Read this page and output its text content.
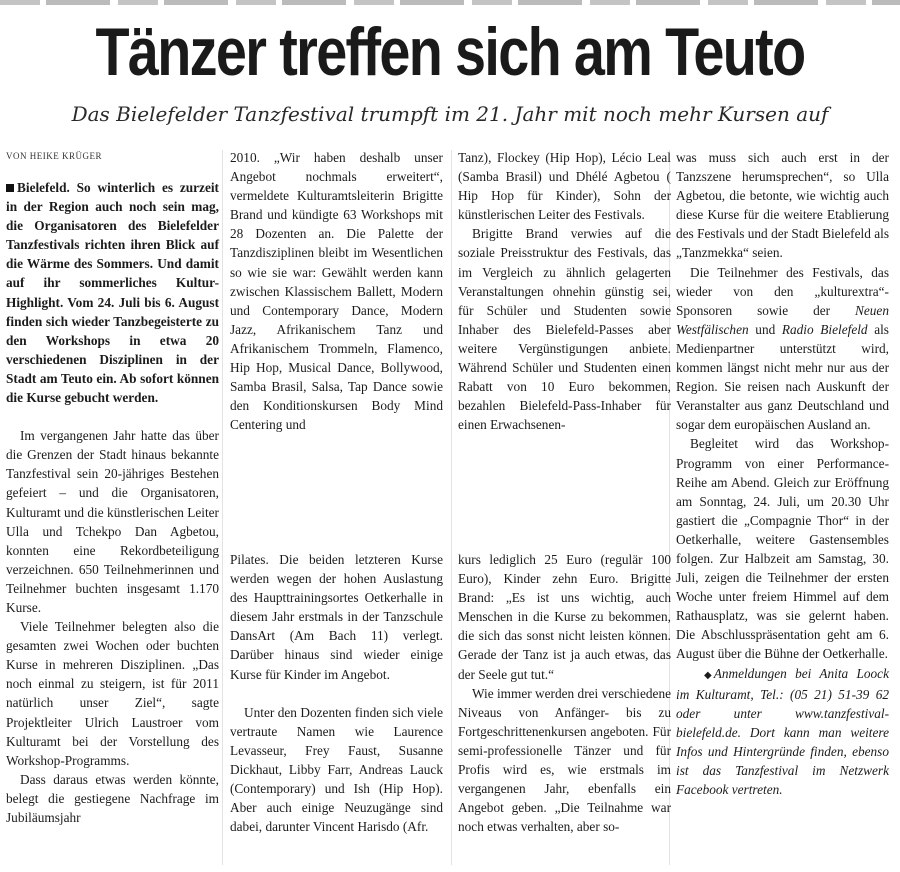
Tänzer treffen sich am Teuto

Das Bielefelder Tanzfestival trumpft im 21. Jahr mit noch mehr Kursen auf

VON HEIKE KRÜGER

Bielefeld. So winterlich es zurzeit in der Region auch noch sein mag, die Organisatoren des Bielefelder Tanzfestivals richten ihren Blick auf die Wärme des Sommers. Und damit auf ihr sommerliches Kultur-Highlight. Vom 24. Juli bis 6. August finden sich wieder Tanzbegeisterte zu den Workshops in etwa 20 verschiedenen Disziplinen in der Stadt am Teuto ein. Ab sofort können die Kurse gebucht werden.

Im vergangenen Jahr hatte das über die Grenzen der Stadt hinaus bekannte Tanzfestival sein 20-jähriges Bestehen gefeiert – und die Organisatoren, Kulturamt und die künstlerischen Leiter Ulla und Tchekpo Dan Agbetou, konnten eine Rekordbeteiligung verzeichnen. 650 Teilnehmerinnen und Teilnehmer buchten insgesamt 1.170 Kurse.

Viele Teilnehmer belegten also die gesamten zwei Wochen oder buchten Kurse in mehreren Disziplinen. „Das noch einmal zu steigern, ist für 2011 natürlich unser Ziel“, sagte Projektleiter Ulrich Laustroer vom Kulturamt bei der Vorstellung des Workshop-Programms.

Dass daraus etwas werden könnte, belegt die gestiegene Nachfrage im Jubiläumsjahr

2010. „Wir haben deshalb unser Angebot nochmals erweitert“, vermeldete Kulturamtsleiterin Brigitte Brand und kündigte 63 Workshops mit 28 Dozenten an. Die Palette der Tanzdisziplinen bleibt im Wesentlichen so wie sie war: Gewählt werden kann zwischen Klassischem Ballett, Modern und Contemporary Dance, Modern Jazz, Afrikanischem Tanz und Afrikanischem Trommeln, Flamenco, Hip Hop, Musical Dance, Bollywood, Samba Brasil, Salsa, Tap Dance sowie den Konditionskursen Body Mind Centering und

Pilates. Die beiden letzteren Kurse werden wegen der hohen Auslastung des Haupttrainingsortes Oetkerhalle in diesem Jahr erstmals in der Tanzschule DansArt (Am Bach 11) verlegt. Darüber hinaus sind wieder einige Kurse für Kinder im Angebot.

Unter den Dozenten finden sich viele vertraute Namen wie Laurence Levasseur, Frey Faust, Susanne Dickhaut, Libby Farr, Andreas Lauck (Contemporary) und Ish (Hip Hop). Aber auch einige Neuzugänge sind dabei, darunter Vincent Harisdo (Afr.

Tanz), Flockey (Hip Hop), Lécio Leal (Samba Brasil) und Dhélé Agbetou ( Hip Hop für Kinder), Sohn der künstlerischen Leiter des Festivals.

Brigitte Brand verwies auf die soziale Preisstruktur des Festivals, das im Vergleich zu ähnlich gelagerten Veranstaltungen ohnehin günstig sei, für Schüler und Studenten sowie Inhaber des Bielefeld-Passes aber weitere Vergünstigungen anbiete. Während Schüler und Studenten einen Rabatt von 10 Euro bekommen, bezahlen Bielefeld-Pass-Inhaber für einen Erwachsenen-

kurs lediglich 25 Euro (regulär 100 Euro), Kinder zehn Euro. Brigitte Brand: „Es ist uns wichtig, auch Menschen in die Kurse zu bekommen, die sich das sonst nicht leisten können. Gerade der Tanz ist ja auch etwas, das der Seele gut tut.“

Wie immer werden drei verschiedene Niveaus von Anfänger- bis zu Fortgeschrittenenkursen angeboten. Für semi-professionelle Tänzer und für Profis wird es, wie erstmals im vergangenen Jahr, ebenfalls ein Angebot geben. „Die Teilnahme war noch etwas verhalten, aber so-

was muss sich auch erst in der Tanzszene herumsprechen“, so Ulla Agbetou, die betonte, wie wichtig auch diese Kurse für die weitere Etablierung des Festivals und der Stadt Bielefeld als „Tanzmekka“ seien.

Die Teilnehmer des Festivals, das wieder von den „kulturextra“-Sponsoren sowie der Neuen Westfälischen und Radio Bielefeld als Medienpartner unterstützt wird, kommen längst nicht mehr nur aus der Region. Sie reisen nach Auskunft der Veranstalter aus ganz Deutschland und sogar dem europäischen Ausland an.

Begleitet wird das Workshop-Programm von einer Performance-Reihe am Abend. Gleich zur Eröffnung am Sonntag, 24. Juli, um 20.30 Uhr gastiert die „Compagnie Thor“ in der Oetkerhalle, weitere Gastensembles folgen. Zur Halbzeit am Samstag, 30. Juli, zeigen die Teilnehmer der ersten Woche unter freiem Himmel auf dem Rathausplatz, was sie gelernt haben. Die Abschlusspräsentation geht am 6. August über die Bühne der Oetkerhalle.

◆ Anmeldungen bei Anita Loock im Kulturamt, Tel.: (05 21) 51-39 62 oder unter www.tanzfestival-bielefeld.de. Dort kann man weitere Infos und Hintergründe finden, ebenso ist das Tanzfestival im Netzwerk Facebook vertreten.
